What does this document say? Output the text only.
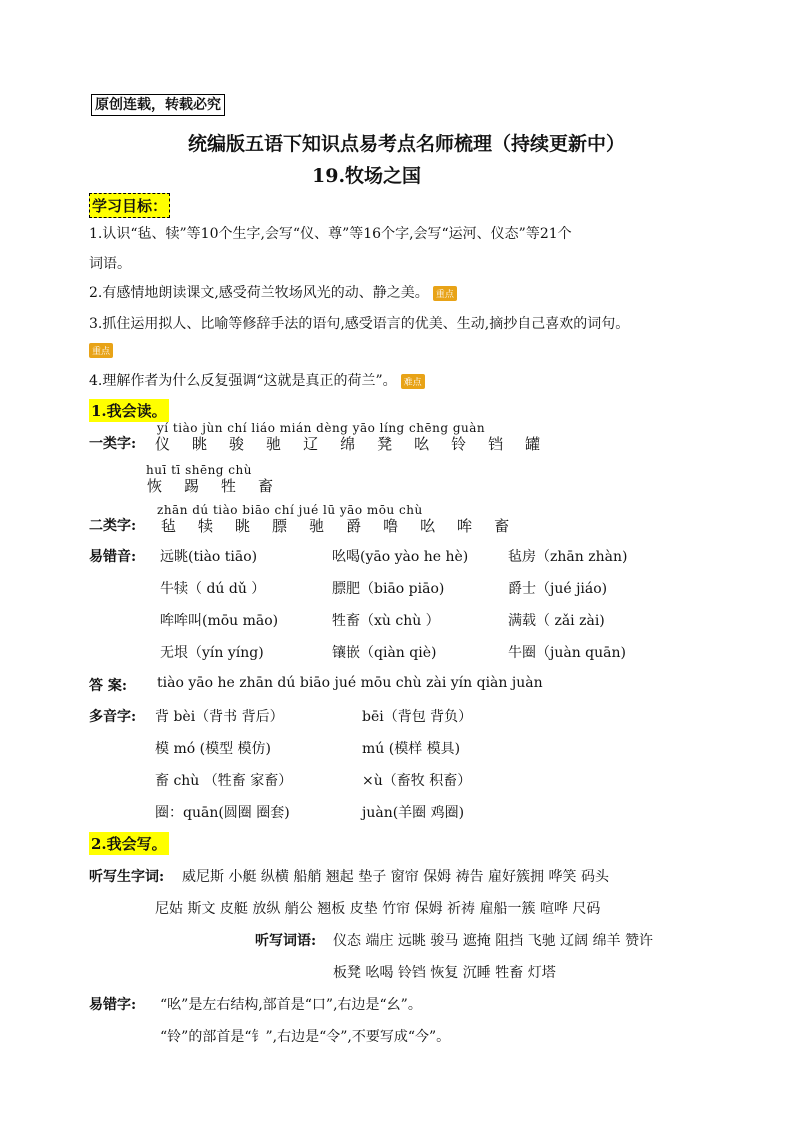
原创连载，转载必究
统编版五语下知识点易考点名师梳理（持续更新中）
19.牧场之国
学习目标：
1.认识“毡、犊”等10个生字,会写“仪、尊”等16个字,会写“运河、仪态”等21个
词语。
2.有感情地朗读课文,感受荷兰牧场风光的动、静之美。 重点
3.抓住运用拟人、比喻等修辞手法的语句,感受语言的优美、生动,摘抄自己喜欢的词句。
重点
4.理解作者为什么反复强调“这就是真正的荷兰”。 难点
1.我会读。
一类字:
yí tiào jùn chí liáo mián dèng yāo líng chēng guàn
仪 眺 骏 驰 辽 绵 凳 吆 铃 铛 罐
huī tī shēng chù
恢 踢 牲 畜
二类字:
zhān dú tiào biāo chí jué lū yāo mōu chù
毡 犊 眺 膘 驰 爵 噜 吆 哞 畜
易错音: 远眺(tiào tiāo)	吆喝(yāo yào he hè)	毡房（zhān zhàn)
牛犊（ dú dǔ ）	膘肥（biāo piāo)	爵士（jué jiáo)
哞哞叫(mōu māo)	牲畜（xù chù ）	满载（ zǎi zài)
无垠（yín yíng)	镶嵌（qiàn qiè)	牛圈（juàn quān)
答 案: tiào yāo he zhān dú biāo jué mōu chù zài yín qiàn juàn
多音字: 背 bèi（背书 背后）	bēi（背包 背负）
模 mó (模型 模仿)	mú (模样 模具)
畜 chù （牲畜 家畜）	×ù（畜牧 积畜）
圈：quān(圆圈 圈套)	juàn(羊圈 鸡圈)
2.我会写。
听写生字词: 威尼斯 小艇 纵横 船艄 翘起 垫子 窗帘 保姆 祷告 雇好簇拥 哗笑 码头
尼姑 斯文 皮艇 放纵 艄公 翘板 皮垫 竹帘 保姆 祈祷 雇船一簇 喧哗 尺码
听写词语: 仪态 端庄 远眺 骏马 遮掩 阻挡 飞驰 辽阔 绵羊 赞许
板凳 吆喝 铃铛 恢复 沉睡 牲畜 灯塔
易错字: “吆”是左右结构,部首是“口”,右边是“幺”。
“铃”的部首是“钅”,右边是“令”,不要写成“今”。
